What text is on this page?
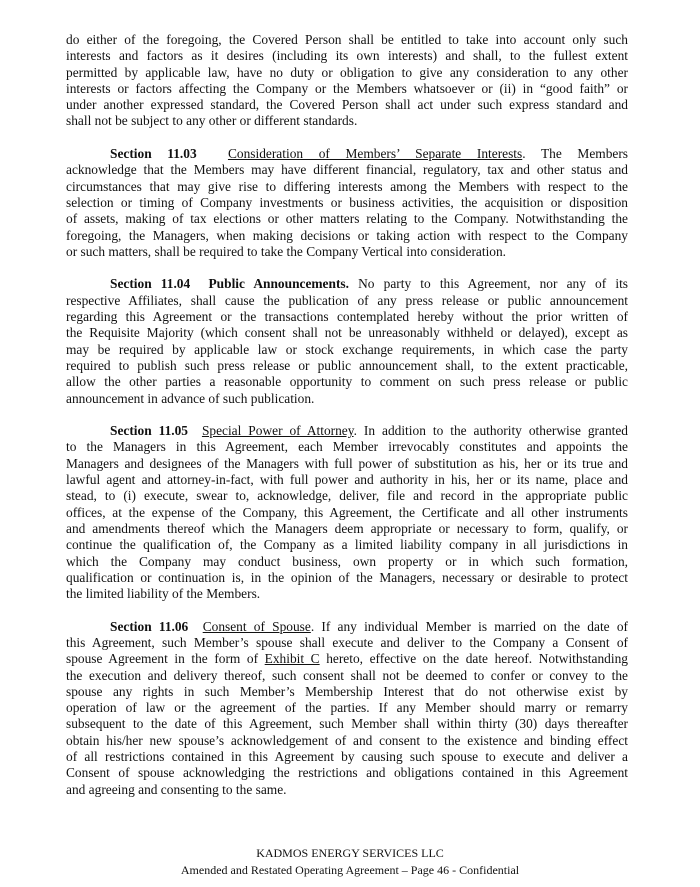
do either of the foregoing, the Covered Person shall be entitled to take into account only such
interests and factors as it desires (including its own interests) and shall, to the fullest extent
permitted by applicable law, have no duty or obligation to give any consideration to any other
interests or factors affecting the Company or the Members whatsoever or (ii) in “good faith” or
under another expressed standard, the Covered Person shall act under such express standard and
shall not be subject to any other or different standards.
Section 11.03 Consideration of Members’ Separate Interests. The Members
acknowledge that the Members may have different financial, regulatory, tax and other status and
circumstances that may give rise to differing interests among the Members with respect to the
selection or timing of Company investments or business activities, the acquisition or disposition
of assets, making of tax elections or other matters relating to the Company. Notwithstanding the
foregoing, the Managers, when making decisions or taking action with respect to the Company
or such matters, shall be required to take the Company Vertical into consideration.
Section 11.04 Public Announcements. No party to this Agreement, nor any of its
respective Affiliates, shall cause the publication of any press release or public announcement
regarding this Agreement or the transactions contemplated hereby without the prior written of
the Requisite Majority (which consent shall not be unreasonably withheld or delayed), except as
may be required by applicable law or stock exchange requirements, in which case the party
required to publish such press release or public announcement shall, to the extent practicable,
allow the other parties a reasonable opportunity to comment on such press release or public
announcement in advance of such publication.
Section 11.05 Special Power of Attorney. In addition to the authority otherwise granted
to the Managers in this Agreement, each Member irrevocably constitutes and appoints the
Managers and designees of the Managers with full power of substitution as his, her or its true and
lawful agent and attorney-in-fact, with full power and authority in his, her or its name, place and
stead, to (i) execute, swear to, acknowledge, deliver, file and record in the appropriate public
offices, at the expense of the Company, this Agreement, the Certificate and all other instruments
and amendments thereof which the Managers deem appropriate or necessary to form, qualify, or
continue the qualification of, the Company as a limited liability company in all jurisdictions in
which the Company may conduct business, own property or in which such formation,
qualification or continuation is, in the opinion of the Managers, necessary or desirable to protect
the limited liability of the Members.
Section 11.06 Consent of Spouse. If any individual Member is married on the date of
this Agreement, such Member’s spouse shall execute and deliver to the Company a Consent of
spouse Agreement in the form of Exhibit C hereto, effective on the date hereof. Notwithstanding
the execution and delivery thereof, such consent shall not be deemed to confer or convey to the
spouse any rights in such Member’s Membership Interest that do not otherwise exist by
operation of law or the agreement of the parties. If any Member should marry or remarry
subsequent to the date of this Agreement, such Member shall within thirty (30) days thereafter
obtain his/her new spouse’s acknowledgement of and consent to the existence and binding effect
of all restrictions contained in this Agreement by causing such spouse to execute and deliver a
Consent of spouse acknowledging the restrictions and obligations contained in this Agreement
and agreeing and consenting to the same.
KADMOS ENERGY SERVICES LLC
Amended and Restated Operating Agreement – Page 46 - Confidential
